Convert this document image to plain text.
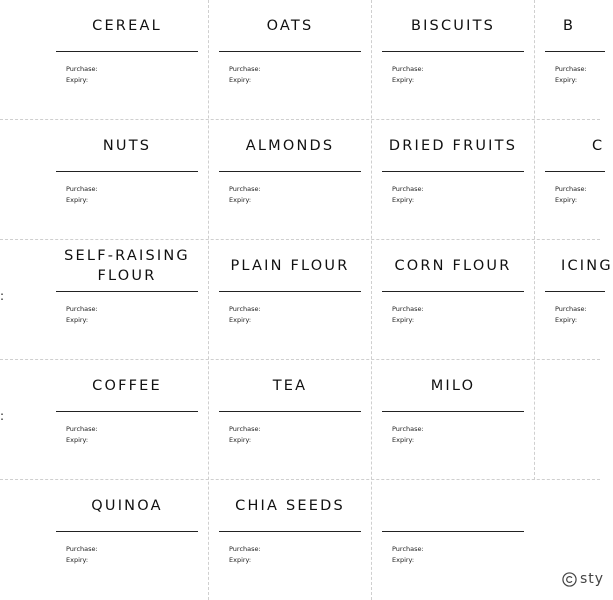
:
:
CEREAL
Purchase:
Expiry:
OATS
Purchase:
Expiry:
BISCUITS
Purchase:
Expiry:
B
Purchase:
Expiry:
NUTS
Purchase:
Expiry:
ALMONDS
Purchase:
Expiry:
DRIED FRUITS
Purchase:
Expiry:
C
Purchase:
Expiry:
SELF-RAISING
FLOUR
Purchase:
Expiry:
PLAIN FLOUR
Purchase:
Expiry:
CORN FLOUR
Purchase:
Expiry:
ICING
Purchase:
Expiry:
COFFEE
Purchase:
Expiry:
TEA
Purchase:
Expiry:
MILO
Purchase:
Expiry:
QUINOA
Purchase:
Expiry:
CHIA SEEDS
Purchase:
Expiry:
Purchase:
Expiry:
sty
